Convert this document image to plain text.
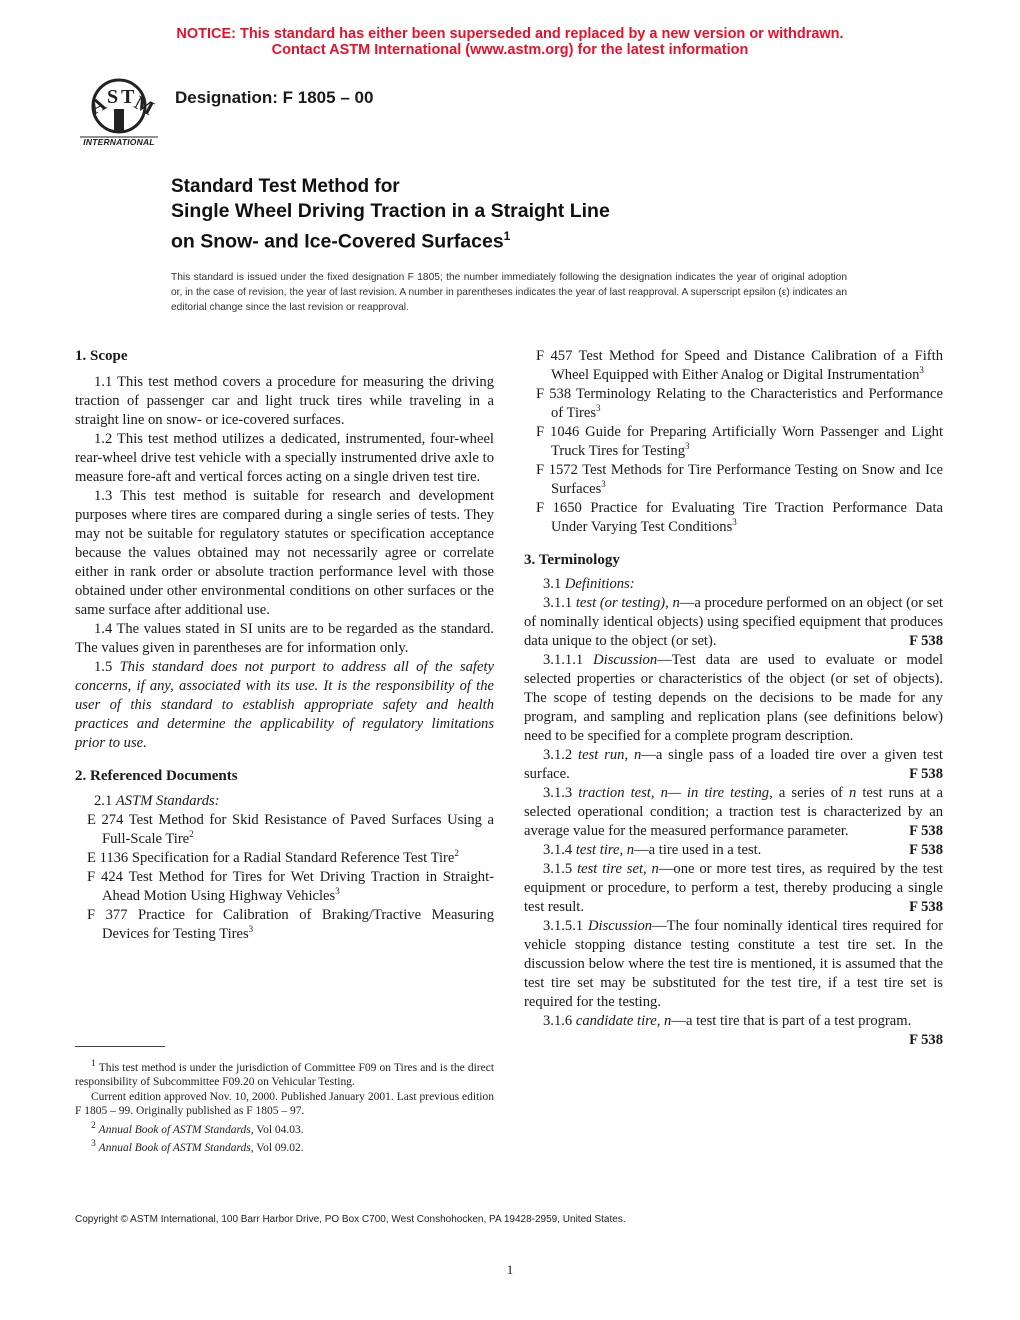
NOTICE: This standard has either been superseded and replaced by a new version or withdrawn.
Contact ASTM International (www.astm.org) for the latest information
A
S T
M
INTERNATIONAL
Designation: F 1805 – 00
Standard Test Method for
Single Wheel Driving Traction in a Straight Line
on Snow- and Ice-Covered Surfaces$^1$
This standard is issued under the fixed designation F 1805; the number immediately following the designation indicates the year of original adoption or, in the case of revision, the year of last revision. A number in parentheses indicates the year of last reapproval. A superscript epsilon (ε) indicates an editorial change since the last revision or reapproval.

1. Scope

1.1 This test method covers a procedure for measuring the driving traction of passenger car and light truck tires while traveling in a straight line on snow- or ice-covered surfaces.

1.2 This test method utilizes a dedicated, instrumented, four-wheel rear-wheel drive test vehicle with a specially instrumented drive axle to measure fore-aft and vertical forces acting on a single driven test tire.

1.3 This test method is suitable for research and development purposes where tires are compared during a single series of tests. They may not be suitable for regulatory statutes or specification acceptance because the values obtained may not necessarily agree or correlate either in rank order or absolute traction performance level with those obtained under other environmental conditions on other surfaces or the same surface after additional use.

1.4 The values stated in SI units are to be regarded as the standard. The values given in parentheses are for information only.

1.5 This standard does not purport to address all of the safety concerns, if any, associated with its use. It is the responsibility of the user of this standard to establish appropriate safety and health practices and determine the applicability of regulatory limitations prior to use.

2. Referenced Documents

2.1 ASTM Standards:

E 274 Test Method for Skid Resistance of Paved Surfaces Using a Full-Scale Tire$^2$

E 1136 Specification for a Radial Standard Reference Test Tire$^2$

F 424 Test Method for Tires for Wet Driving Traction in Straight-Ahead Motion Using Highway Vehicles$^3$

F 377 Practice for Calibration of Braking/Tractive Measuring Devices for Testing Tires$^3$

$^1$ This test method is under the jurisdiction of Committee F09 on Tires and is the direct responsibility of Subcommittee F09.20 on Vehicular Testing.

Current edition approved Nov. 10, 2000. Published January 2001. Last previous edition F 1805 – 99. Originally published as F 1805 – 97.

$^2$ Annual Book of ASTM Standards, Vol 04.03.

$^3$ Annual Book of ASTM Standards, Vol 09.02.

F 457 Test Method for Speed and Distance Calibration of a Fifth Wheel Equipped with Either Analog or Digital Instrumentation$^3$

F 538 Terminology Relating to the Characteristics and Performance of Tires$^3$

F 1046 Guide for Preparing Artificially Worn Passenger and Light Truck Tires for Testing$^3$

F 1572 Test Methods for Tire Performance Testing on Snow and Ice Surfaces$^3$

F 1650 Practice for Evaluating Tire Traction Performance Data Under Varying Test Conditions$^3$

3. Terminology

3.1 Definitions:

3.1.1 test (or testing), n—a procedure performed on an object (or set of nominally identical objects) using specified equipment that produces data unique to the object (or set).	F 538

3.1.1.1 Discussion—Test data are used to evaluate or model selected properties or characteristics of the object (or set of objects). The scope of testing depends on the decisions to be made for any program, and sampling and replication plans (see definitions below) need to be specified for a complete program description.

3.1.2 test run, n—a single pass of a loaded tire over a given test surface.	F 538

3.1.3 traction test, n— in tire testing, a series of n test runs at a selected operational condition; a traction test is characterized by an average value for the measured performance parameter.	F 538

3.1.4 test tire, n—a tire used in a test.	F 538

3.1.5 test tire set, n—one or more test tires, as required by the test equipment or procedure, to perform a test, thereby producing a single test result.	F 538

3.1.5.1 Discussion—The four nominally identical tires required for vehicle stopping distance testing constitute a test tire set. In the discussion below where the test tire is mentioned, it is assumed that the test tire set may be substituted for the test tire, if a test tire set is required for the testing.

3.1.6 candidate tire, n—a test tire that is part of a test program.
F 538

Copyright © ASTM International, 100 Barr Harbor Drive, PO Box C700, West Conshohocken, PA 19428-2959, United States.
1
